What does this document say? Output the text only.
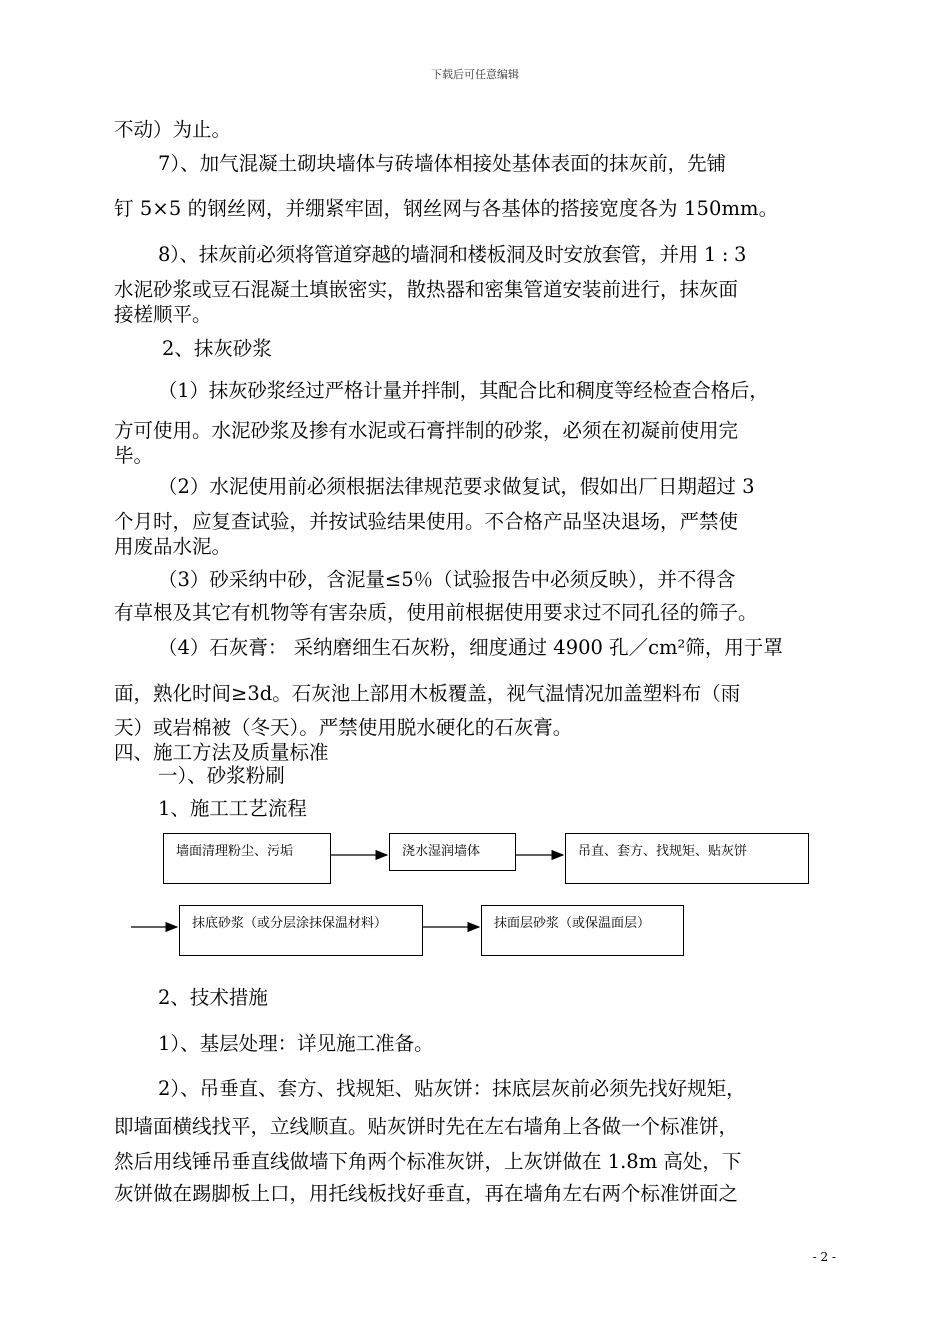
下载后可任意编辑
不动）为止。
7）、加气混凝土砌块墙体与砖墙体相接处基体表面的抹灰前，先铺
钉 5×5 的钢丝网，并绷紧牢固，钢丝网与各基体的搭接宽度各为 150mm。
8）、抹灰前必须将管道穿越的墙洞和楼板洞及时安放套管，并用 1 : 3
水泥砂浆或豆石混凝土填嵌密实，散热器和密集管道安装前进行，抹灰面
接槎顺平。
2、抹灰砂浆
（1）抹灰砂浆经过严格计量并拌制，其配合比和稠度等经检查合格后，
方可使用。水泥砂浆及掺有水泥或石膏拌制的砂浆，必须在初凝前使用完
毕。
（2）水泥使用前必须根据法律规范要求做复试，假如出厂日期超过 3
个月时，应复查试验，并按试验结果使用。不合格产品坚决退场，严禁使
用废品水泥。
（3）砂采纳中砂，含泥量≤5％（试验报告中必须反映），并不得含
有草根及其它有机物等有害杂质，使用前根据使用要求过不同孔径的筛子。
（4）石灰膏： 采纳磨细生石灰粉，细度通过 4900 孔／cm²筛，用于罩
面，熟化时间≥3d。石灰池上部用木板覆盖，视气温情况加盖塑料布（雨
天）或岩棉被（冬天）。严禁使用脱水硬化的石灰膏。
四、施工方法及质量标准
一）、砂浆粉刷
1、施工工艺流程
墙面清理粉尘、污垢	浇水湿润墙体	吊直、套方、找规矩、贴灰饼
抹底砂浆（或分层涂抹保温材料）	抹面层砂浆（或保温面层）
2、技术措施
1）、基层处理：详见施工准备。
2）、吊垂直、套方、找规矩、贴灰饼：抹底层灰前必须先找好规矩，
即墙面横线找平，立线顺直。贴灰饼时先在左右墙角上各做一个标准饼，
然后用线锤吊垂直线做墙下角两个标准灰饼，上灰饼做在 1.8m 高处，下
灰饼做在踢脚板上口，用托线板找好垂直，再在墙角左右两个标准饼面之
- 2 -
